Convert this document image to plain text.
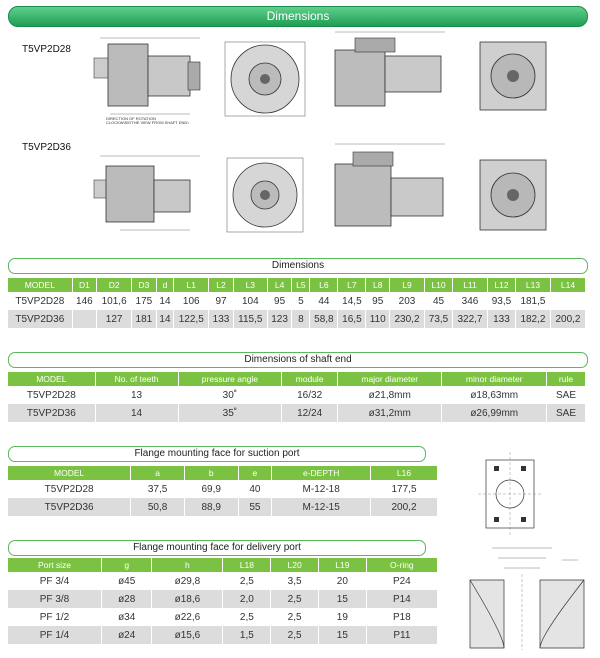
Dimensions
T5VP2D28
T5VP2D36
DIRECTION OF ROTATION
CLOCKWISE(THE VIEW FROM SHAFT END)
Dimensions
MODEL	D1	D2	D3	d	L1	L2	L3	L4	L5	L6	L7	L8	L9	L10	L11	L12	L13	L14
T5VP2D28	146	101,6	175	14	106	97	104	95	5	44	14,5	95	203	45	346	93,5	181,5	
T5VP2D36		127	181	14	122,5	133	115,5	123	8	58,8	16,5	110	230,2	73,5	322,7	133	182,2	200,2
Dimensions of shaft end
MODEL	No. of teeth	pressure angle	module	major diameter	minor diameter	rule
T5VP2D28	13	30˚	16/32	ø21,8mm	ø18,63mm	SAE
T5VP2D36	14	35˚	12/24	ø31,2mm	ø26,99mm	SAE
Flange mounting face for suction port
MODEL	a	b	e	e-DEPTH	L16
T5VP2D28	37,5	69,9	40	M-12-18	177,5
T5VP2D36	50,8	88,9	55	M-12-15	200,2
Flange mounting face for delivery port
Port size	g	h	L18	L20	L19	O-ring
PF 3/4	ø45	ø29,8	2,5	3,5	20	P24
PF 3/8	ø28	ø18,6	2,0	2,5	15	P14
PF 1/2	ø34	ø22,6	2,5	2,5	19	P18
PF 1/4	ø24	ø15,6	1,5	2,5	15	P11
